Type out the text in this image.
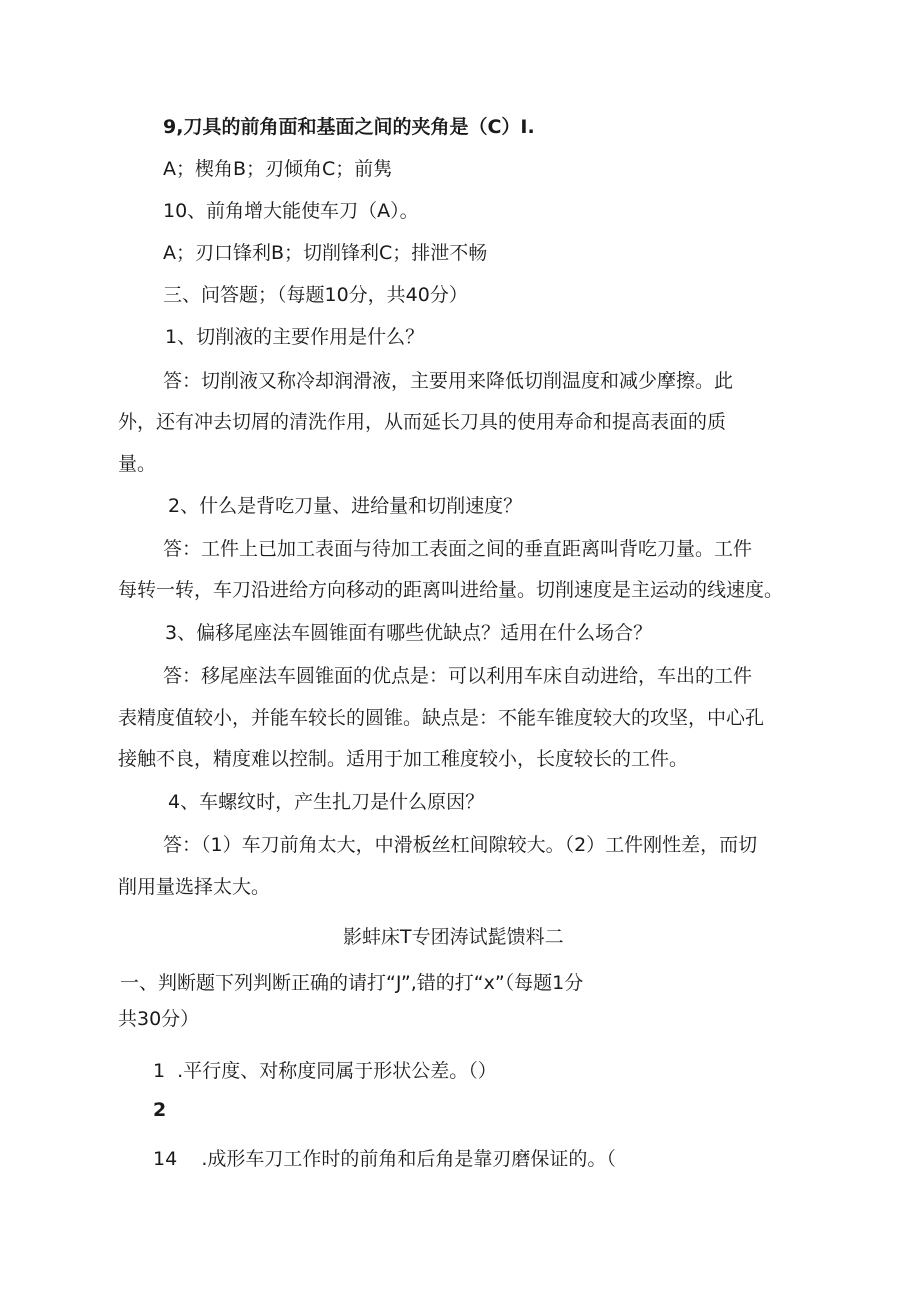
9,刀具的前角面和基面之间的夹角是（C）I.
A；楔角B；刃倾角C；前隽
10、前角增大能使车刀（A）。
A；刃口锋利B；切削锋利C；排泄不畅
三、问答题；（每题10分，共40分）
1、切削液的主要作用是什么？
答：切削液又称冷却润滑液，主要用来降低切削温度和减少摩擦。此
外，还有冲去切屑的清洗作用，从而延长刀具的使用寿命和提高表面的质
量。
2、什么是背吃刀量、进给量和切削速度？
答：工件上已加工表面与待加工表面之间的垂直距离叫背吃刀量。工件
每转一转，车刀沿进给方向移动的距离叫进给量。切削速度是主运动的线速度。
3、偏移尾座法车圆锥面有哪些优缺点？适用在什么场合？
答：移尾座法车圆锥面的优点是：可以利用车床自动进给，车出的工件
表精度值较小，并能车较长的圆锥。缺点是：不能车锥度较大的攻坚，中心孔
接触不良，精度难以控制。适用于加工稚度较小，长度较长的工件。
4、车螺纹时，产生扎刀是什么原因？
答：（1）车刀前角太大，中滑板丝杠间隙较大。（2）工件刚性差，而切
削用量选择太大。
影蚌床T专团涛试髭馈料二
一、判断题下列判断正确的请打“J”,错的打“x”（每题1分
共30分）
1  .平行度、对称度同属于形状公差。（）
2
14    .成形车刀工作时的前角和后角是靠刃磨保证的。（
